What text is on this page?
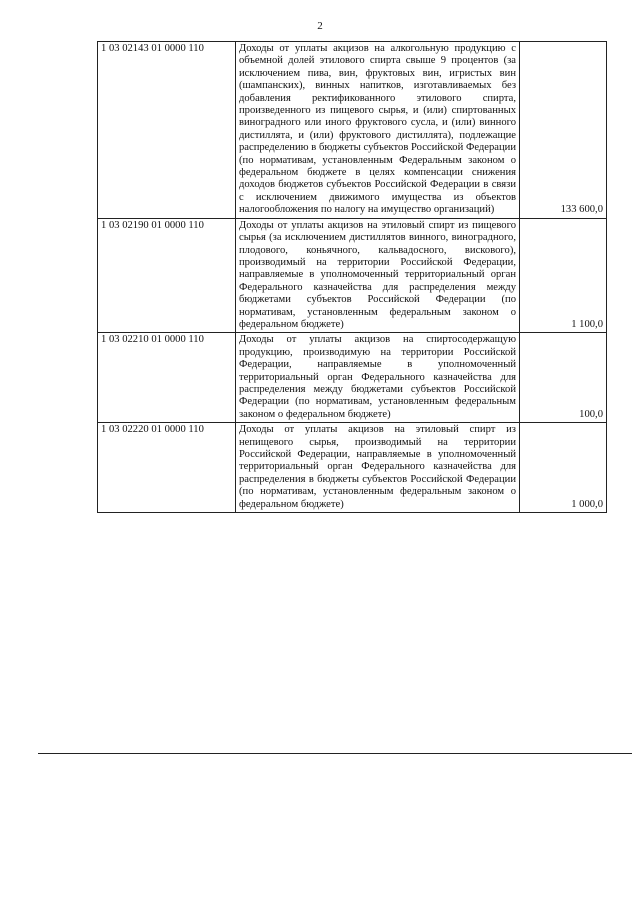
2
1 03 02143 01 0000 110	Доходы от уплаты акцизов на алкогольную продукцию с объемной долей этилового спирта свыше 9 процентов (за исключением пива, вин, фруктовых вин, игристых вин (шампанских), винных напитков, изготавливаемых без добавления ректификованного этилового спирта, произведенного из пищевого сырья, и (или) спиртованных виноградного или иного фруктового сусла, и (или) винного дистиллята, и (или) фруктового дистиллята), подлежащие распределению в бюджеты субъектов Российской Федерации (по нормативам, установленным Федеральным законом о федеральном бюджете в целях компенсации снижения доходов бюджетов субъектов Российской Федерации в связи с исключением движимого имущества из объектов налогообложения по налогу на имущество организаций)	133 600,0
1 03 02190 01 0000 110	Доходы от уплаты акцизов на этиловый спирт из пищевого сырья (за исключением дистиллятов винного, виноградного, плодового, коньячного, кальвадосного, вискового), производимый на территории Российской Федерации, направляемые в уполномоченный территориальный орган Федерального казначейства для распределения между бюджетами субъектов Российской Федерации (по нормативам, установленным федеральным законом о федеральном бюджете)	1 100,0
1 03 02210 01 0000 110	Доходы от уплаты акцизов на спиртосодержащую продукцию, производимую на территории Российской Федерации, направляемые в уполномоченный территориальный орган Федерального казначейства для распределения между бюджетами субъектов Российской Федерации (по нормативам, установленным федеральным законом о федеральном бюджете)	100,0
1 03 02220 01 0000 110	Доходы от уплаты акцизов на этиловый спирт из непищевого сырья, производимый на территории Российской Федерации, направляемые в уполномоченный территориальный орган Федерального казначейства для распределения в бюджеты субъектов Российской Федерации (по нормативам, установленным федеральным законом о федеральном бюджете)	1 000,0
